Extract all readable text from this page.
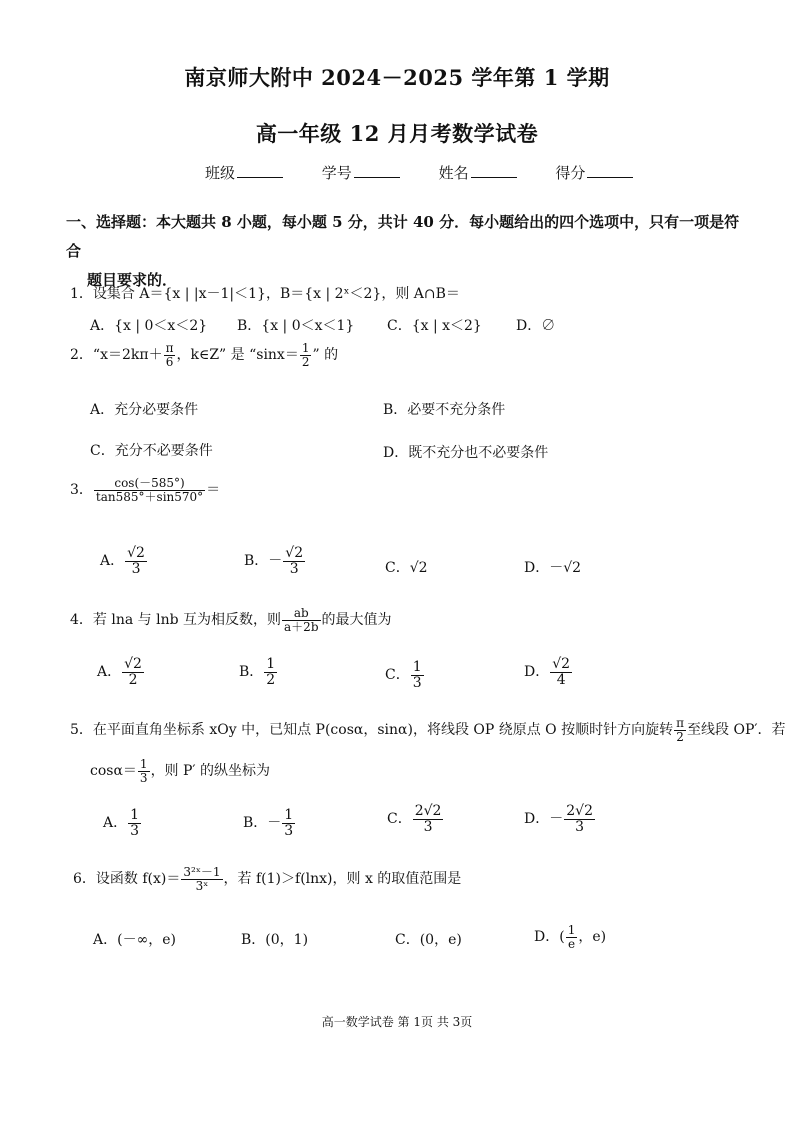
南京师大附中 2024－2025 学年第 1 学期
高一年级 12 月月考数学试卷
班级	学号	姓名	得分
一、选择题：本大题共 8 小题，每小题 5 分，共计 40 分．每小题给出的四个选项中，只有一项是符合
题目要求的．
1．设集合 A＝{x | |x－1|＜1}，B＝{x | 2ˣ＜2}，则 A∩B＝
A．{x | 0＜x＜2} B．{x | 0＜x＜1} C．{x | x＜2} D．∅
2．“$x=2k\pi+ \frac{\pi}{6}$ ，k∈Z” 是 “$\sin x= \frac{1}{2}$ ” 的
A．充分必要条件	B．必要不充分条件
C．充分不必要条件	D．既不充分也不必要条件
3． $\frac{\cos(-585^\circ)}{\tan 585^\circ+\sin 570^\circ}$ ＝
A． $\frac{√2}{3}$	B．－ $\frac{√2}{3}$	C．√2	D．－√2
4．若 lna 与 lnb 互为相反数，则 $\frac{ab}{a+2b}$ 的最大值为
A． $\frac{√2}{2}$	B． $\frac{1}{2}$	C． $\frac{1}{3}$	D． $\frac{√2}{4}$
5．在平面直角坐标系 xOy 中，已知点 P(cosα，sinα)，将线段 OP 绕原点 O 按顺时针方向旋转 $\frac{\pi}{2}$ 至线段 OP′．若
$\cos\alpha= \frac{1}{3}$ ，则 P′ 的纵坐标为
A． $\frac{1}{3}$	B．－ $\frac{1}{3}$	C． $\frac{2√2}{3}$	D．－ $\frac{2√2}{3}$
6．设函数 $f(x)= \frac{\text{3²ˣ－1}}{\text{3ˣ}}$ ，若 f(1)＞f(lnx)，则 x 的取值范围是
A．(－∞，e)	B．(0，1)	C．(0，e)	D．( $\frac{1}{e}$ ，e)
高一数学试卷 第 1页 共 3页
